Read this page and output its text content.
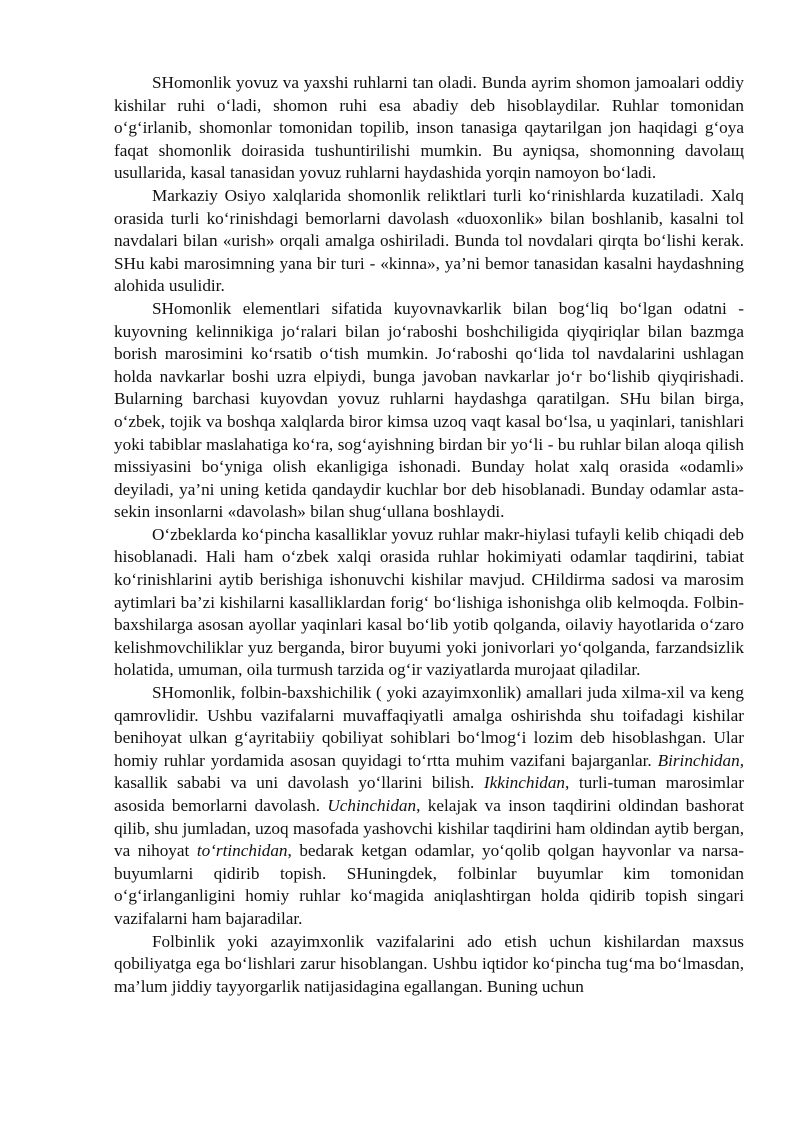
SHomonlik yovuz va yaxshi ruhlarni tan oladi. Bunda ayrim shomon jamoalari oddiy kishilar ruhi o‘ladi, shomon ruhi esa abadiy deb hisoblaydilar. Ruhlar tomonidan o‘g‘irlanib, shomonlar tomonidan topilib, inson tanasiga qaytarilgan jon haqidagi g‘oya faqat shomonlik doirasida tushuntirilishi mumkin. Bu ayniqsa, shomonning davolaщ usullarida, kasal tanasidan yovuz ruhlarni haydashida yorqin namoyon bo‘ladi.

Markaziy Osiyo xalqlarida shomonlik reliktlari turli ko‘rinishlarda kuzatiladi. Xalq orasida turli ko‘rinishdagi bemorlarni davolash «duoxonlik» bilan boshlanib, kasalni tol navdalari bilan «urish» orqali amalga oshiriladi. Bunda tol novdalari qirqta bo‘lishi kerak. SHu kabi marosimning yana bir turi - «kinna», ya’ni bemor tanasidan kasalni haydashning alohida usulidir.

SHomonlik elementlari sifatida kuyovnavkarlik bilan bog‘liq bo‘lgan odatni - kuyovning kelinnikiga jo‘ralari bilan jo‘raboshi boshchiligida qiyqiriqlar bilan bazmga borish marosimini ko‘rsatib o‘tish mumkin. Jo‘raboshi qo‘lida tol navdalarini ushlagan holda navkarlar boshi uzra elpiydi, bunga javoban navkarlar jo‘r bo‘lishib qiyqirishadi. Bularning barchasi kuyovdan yovuz ruhlarni haydashga qaratilgan. SHu bilan birga, o‘zbek, tojik va boshqa xalqlarda biror kimsa uzoq vaqt kasal bo‘lsa, u yaqinlari, tanishlari yoki tabiblar maslahatiga ko‘ra, sog‘ayishning birdan bir yo‘li - bu ruhlar bilan aloqa qilish missiyasini bo‘yniga olish ekanligiga ishonadi. Bunday holat xalq orasida «odamli» deyiladi, ya’ni uning ketida qandaydir kuchlar bor deb hisoblanadi. Bunday odamlar asta-sekin insonlarni «davolash» bilan shug‘ullana boshlaydi.

O‘zbeklarda ko‘pincha kasalliklar yovuz ruhlar makr-hiylasi tufayli kelib chiqadi deb hisoblanadi. Hali ham o‘zbek xalqi orasida ruhlar hokimiyati odamlar taqdirini, tabiat ko‘rinishlarini aytib berishiga ishonuvchi kishilar mavjud. CHildirma sadosi va marosim aytimlari ba’zi kishilarni kasalliklardan forig‘ bo‘lishiga ishonishga olib kelmoqda. Folbin-baxshilarga asosan ayollar yaqinlari kasal bo‘lib yotib qolganda, oilaviy hayotlarida o‘zaro kelishmovchiliklar yuz berganda, biror buyumi yoki jonivorlari yo‘qolganda, farzandsizlik holatida, umuman, oila turmush tarzida og‘ir vaziyatlarda murojaat qiladilar.

SHomonlik, folbin-baxshichilik ( yoki azayimxonlik) amallari juda xilma-xil va keng qamrovlidir. Ushbu vazifalarni muvaffaqiyatli amalga oshirishda shu toifadagi kishilar benihoyat ulkan g‘ayritabiiy qobiliyat sohiblari bo‘lmog‘i lozim deb hisoblashgan. Ular homiy ruhlar yordamida asosan quyidagi to‘rtta muhim vazifani bajarganlar. Birinchidan, kasallik sababi va uni davolash yo‘llarini bilish. Ikkinchidan, turli-tuman marosimlar asosida bemorlarni davolash. Uchinchidan, kelajak va inson taqdirini oldindan bashorat qilib, shu jumladan, uzoq masofada yashovchi kishilar taqdirini ham oldindan aytib bergan, va nihoyat to‘rtinchidan, bedarak ketgan odamlar, yo‘qolib qolgan hayvonlar va narsa-buyumlarni qidirib topish. SHuningdek, folbinlar buyumlar kim tomonidan o‘g‘irlanganligini homiy ruhlar ko‘magida aniqlashtirgan holda qidirib topish singari vazifalarni ham bajaradilar.

Folbinlik yoki azayimxonlik vazifalarini ado etish uchun kishilardan maxsus qobiliyatga ega bo‘lishlari zarur hisoblangan. Ushbu iqtidor ko‘pincha tug‘ma bo‘lmasdan, ma’lum jiddiy tayyorgarlik natijasidagina egallangan. Buning uchun
